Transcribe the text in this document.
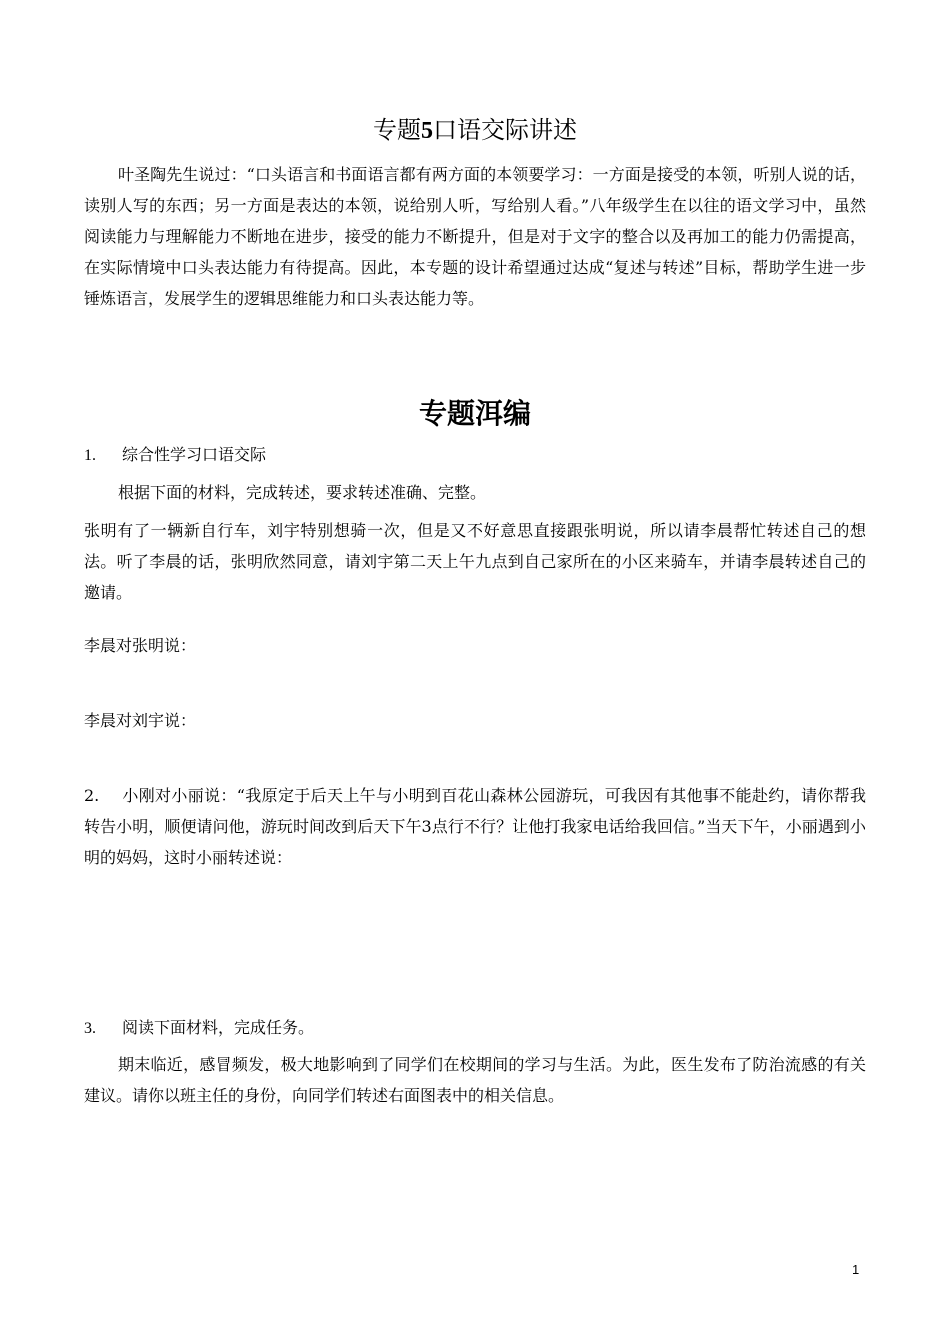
专题5口语交际讲述
叶圣陶先生说过：“口头语言和书面语言都有两方面的本领要学习：一方面是接受的本领，听别人说的话，读别人写的东西；另一方面是表达的本领，说给别人听，写给别人看。”八年级学生在以往的语文学习中，虽然阅读能力与理解能力不断地在进步，接受的能力不断提升，但是对于文字的整合以及再加工的能力仍需提高，在实际情境中口头表达能力有待提高。因此，本专题的设计希望通过达成“复述与转述”目标，帮助学生进一步锤炼语言，发展学生的逻辑思维能力和口头表达能力等。
专题洱编
1. 综合性学习口语交际
根据下面的材料，完成转述，要求转述准确、完整。
张明有了一辆新自行车，刘宇特别想骑一次，但是又不好意思直接跟张明说，所以请李晨帮忙转述自己的想法。听了李晨的话，张明欣然同意，请刘宇第二天上午九点到自己家所在的小区来骑车，并请李晨转述自己的邀请。
李晨对张明说：
李晨对刘宇说：
2. 小刚对小丽说：“我原定于后天上午与小明到百花山森林公园游玩，可我因有其他事不能赴约，请你帮我转告小明，顺便请问他，游玩时间改到后天下午3点行不行？让他打我家电话给我回信。”当天下午，小丽遇到小明的妈妈，这时小丽转述说：
3. 阅读下面材料，完成任务。
期末临近，感冒频发，极大地影响到了同学们在校期间的学习与生活。为此，医生发布了防治流感的有关建议。请你以班主任的身份，向同学们转述右面图表中的相关信息。
1
